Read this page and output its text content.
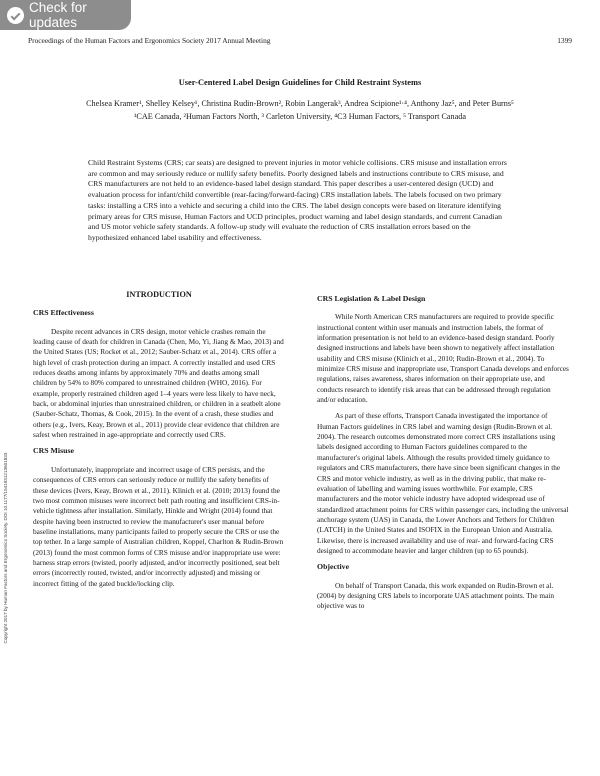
Check for updates
Proceedings of the Human Factors and Ergonomics Society 2017 Annual Meeting	1399
Copyright 2017 by Human Factors and Ergonomics Society. DOI 10.1177/1541931213601833
User-Centered Label Design Guidelines for Child Restraint Systems
Chelsea Kramer¹, Shelley Kelsey¹, Christina Rudin-Brown², Robin Langerak³, Andrea Scipione¹·⁴, Anthony Jaz⁵, and Peter Burns⁵
¹CAE Canada, ²Human Factors North, ³ Carleton University, ⁴C3 Human Factors, ⁵ Transport Canada
Child Restraint Systems (CRS; car seats) are designed to prevent injuries in motor vehicle collisions. CRS misuse and installation errors are common and may seriously reduce or nullify safety benefits. Poorly designed labels and instructions contribute to CRS misuse, and CRS manufacturers are not held to an evidence-based label design standard. This paper describes a user-centered design (UCD) and evaluation process for infant/child convertible (rear-facing/forward-facing) CRS installation labels. The labels focused on two primary tasks: installing a CRS into a vehicle and securing a child into the CRS. The label design concepts were based on literature identifying primary areas for CRS misuse, Human Factors and UCD principles, product warning and label design standards, and current Canadian and US motor vehicle safety standards. A follow-up study will evaluate the reduction of CRS installation errors based on the hypothesized enhanced label usability and effectiveness.
INTRODUCTION
CRS Effectiveness

Despite recent advances in CRS design, motor vehicle crashes remain the leading cause of death for children in Canada (Chen, Mo, Yi, Jiang & Mao, 2013) and the United States (US; Rocket et al., 2012; Sauber-Schatz et al., 2014). CRS offer a high level of crash protection during an impact. A correctly installed and used CRS reduces deaths among infants by approximately 70% and deaths among small children by 54% to 80% compared to unrestrained children (WHO, 2016). For example, properly restrained children aged 1–4 years were less likely to have neck, back, or abdominal injuries than unrestrained children, or children in a seatbelt alone (Sauber-Schatz, Thomas, & Cook, 2015). In the event of a crash, these studies and others (e.g., Ivers, Keay, Brown et al., 2011) provide clear evidence that children are safest when restrained in age-appropriate and correctly used CRS.

CRS Misuse

Unfortunately, inappropriate and incorrect usage of CRS persists, and the consequences of CRS errors can seriously reduce or nullify the safety benefits of these devices (Ivers, Keay, Brown et al., 2011). Klinich et al. (2010; 2013) found the two most common misuses were incorrect belt path routing and insufficient CRS-in-vehicle tightness after installation. Similarly, Hinkle and Wright (2014) found that despite having been instructed to review the manufacturer's user manual before baseline installations, many participants failed to properly secure the CRS or use the top tether. In a large sample of Australian children, Koppel, Charlton & Rudin-Brown (2013) found the most common forms of CRS misuse and/or inappropriate use were: harness strap errors (twisted, poorly adjusted, and/or incorrectly positioned, seat belt errors (incorrectly routed, twisted, and/or incorrectly adjusted) and missing or incorrect fitting of the gated buckle/locking clip.

CRS Legislation & Label Design

While North American CRS manufacturers are required to provide specific instructional content within user manuals and instruction labels, the format of information presentation is not held to an evidence-based design standard. Poorly designed instructions and labels have been shown to negatively affect installation usability and CRS misuse (Klinich et al., 2010; Rudin-Brown et al., 2004). To minimize CRS misuse and inappropriate use, Transport Canada develops and enforces regulations, raises awareness, shares information on their appropriate use, and conducts research to identify risk areas that can be addressed through regulation and/or education.

As part of these efforts, Transport Canada investigated the importance of Human Factors guidelines in CRS label and warning design (Rudin-Brown et al. 2004). The research outcomes demonstrated more correct CRS installations using labels designed according to Human Factors guidelines compared to the manufacturer's original labels. Although the results provided timely guidance to regulators and CRS manufacturers, there have since been significant changes in the CRS and motor vehicle industry, as well as in the driving public, that make re-evaluation of labelling and warning issues worthwhile. For example, CRS manufacturers and the motor vehicle industry have adopted widespread use of standardized attachment points for CRS within passenger cars, including the universal anchorage system (UAS) in Canada, the Lower Anchors and Tethers for Children (LATCH) in the United States and ISOFIX in the European Union and Australia. Likewise, there is increased availability and use of rear- and forward-facing CRS designed to accommodate heavier and larger children (up to 65 pounds).

Objective

On behalf of Transport Canada, this work expanded on Rudin-Brown et al. (2004) by designing CRS labels to incorporate UAS attachment points. The main objective was to
